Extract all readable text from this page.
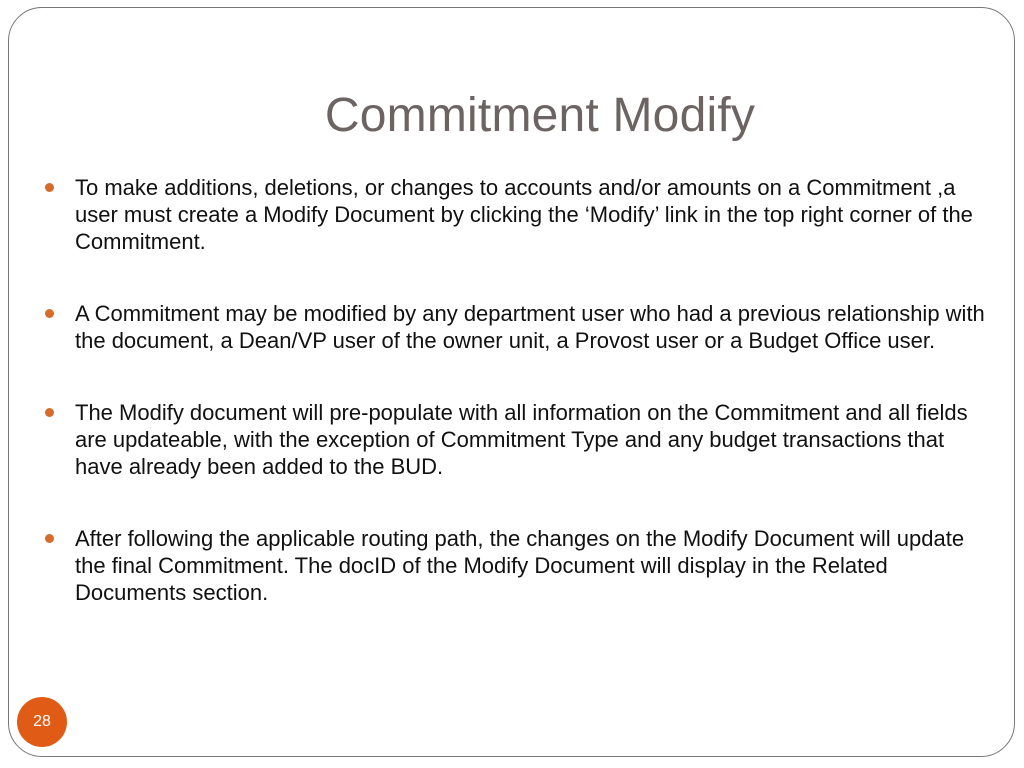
Commitment Modify
To make additions, deletions, or changes to accounts and/or amounts on a Commitment ,a user must create a Modify Document by clicking the ‘Modify’ link in the top right corner of the Commitment.
A Commitment may be modified by any department user who had a previous relationship with the document, a Dean/VP user of the owner unit, a Provost user or a Budget Office user.
The Modify document will pre-populate with all information on the Commitment and all fields are updateable, with the exception of Commitment Type and any budget transactions that have already been added to the BUD.
After following the applicable routing path, the changes on the Modify Document will update the final Commitment. The docID of the Modify Document will display in the Related Documents section.
28
